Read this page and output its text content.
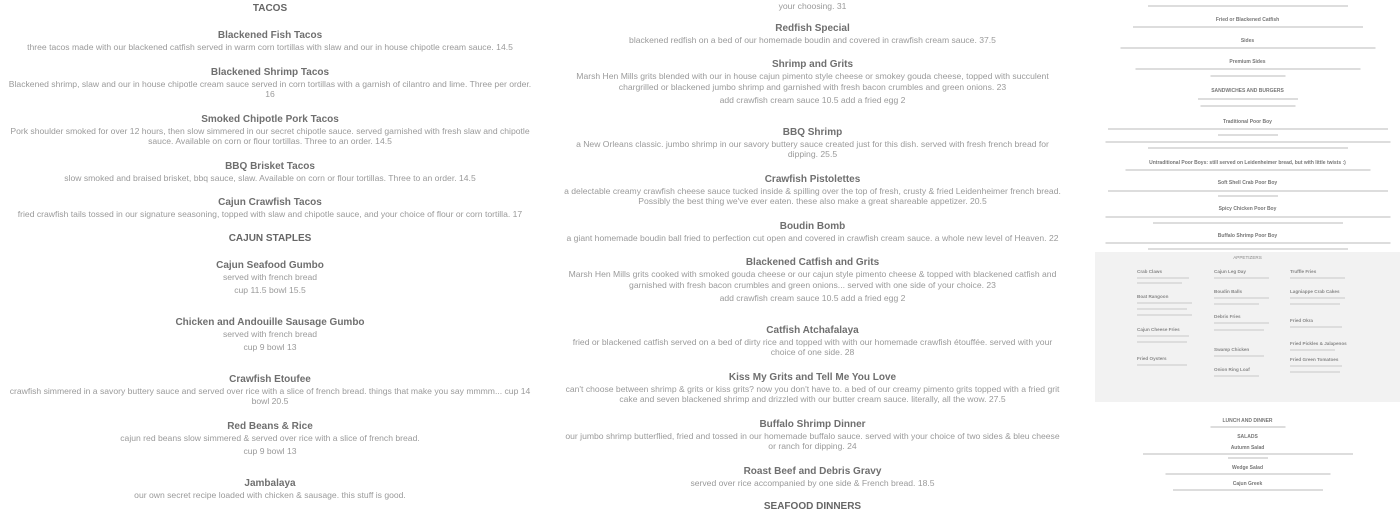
TACOS
Blackened Fish Tacos
three tacos made with our blackened catfish served in warm corn tortillas with slaw and our in house chipotle cream sauce. 14.5
Blackened Shrimp Tacos
Blackened shrimp, slaw and our in house chipotle cream sauce served in corn tortillas with a garnish of cilantro and lime. Three per order. 16
Smoked Chipotle Pork Tacos
Pork shoulder smoked for over 12 hours, then slow simmered in our secret chipotle sauce. served garnished with fresh slaw and chipotle sauce. Available on corn or flour tortillas. Three to an order. 14.5
BBQ Brisket Tacos
slow smoked and braised brisket, bbq sauce, slaw. Available on corn or flour tortillas. Three to an order. 14.5
Cajun Crawfish Tacos
fried crawfish tails tossed in our signature seasoning, topped with slaw and chipotle sauce, and your choice of flour or corn tortilla. 17
CAJUN STAPLES
Cajun Seafood Gumbo
served with french bread
cup 11.5 bowl 15.5
Chicken and Andouille Sausage Gumbo
served with french bread
cup 9 bowl 13
Crawfish Etoufee
crawfish simmered in a savory buttery sauce and served over rice with a slice of french bread. things that make you say mmmm... cup 14 bowl 20.5
Red Beans & Rice
cajun red beans slow simmered & served over rice with a slice of french bread.
cup 9 bowl 13
Jambalaya
our own secret recipe loaded with chicken & sausage. this stuff is good.
your choosing. 31
Redfish Special
blackened redfish on a bed of our homemade boudin and covered in crawfish cream sauce. 37.5
Shrimp and Grits
Marsh Hen Mills grits blended with our in house cajun pimento style cheese or smokey gouda cheese, topped with succulent chargrilled or blackened jumbo shrimp and garnished with fresh bacon crumbles and green onions. 23
add crawfish cream sauce 10.5 add a fried egg 2
BBQ Shrimp
a New Orleans classic. jumbo shrimp in our savory buttery sauce created just for this dish. served with fresh french bread for dipping. 25.5
Crawfish Pistolettes
a delectable creamy crawfish cheese sauce tucked inside & spilling over the top of fresh, crusty & fried Leidenheimer french bread. Possibly the best thing we've ever eaten. these also make a great shareable appetizer. 20.5
Boudin Bomb
a giant homemade boudin ball fried to perfection cut open and covered in crawfish cream sauce. a whole new level of Heaven. 22
Blackened Catfish and Grits
Marsh Hen Mills grits cooked with smoked gouda cheese or our cajun style pimento cheese & topped with blackened catfish and garnished with fresh bacon crumbles and green onions... served with one side of your choice. 23
add crawfish cream sauce 10.5 add a fried egg 2
Catfish Atchafalaya
fried or blackened catfish served on a bed of dirty rice and topped with with our homemade crawfish étouffée. served with your choice of one side. 28
Kiss My Grits and Tell Me You Love
can't choose between shrimp & grits or kiss grits? now you don't have to. a bed of our creamy pimento grits topped with a fried grit cake and seven blackened shrimp and drizzled with our butter cream sauce. literally, all the wow. 27.5
Buffalo Shrimp Dinner
our jumbo shrimp butterflied, fried and tossed in our homemade buffalo sauce. served with your choice of two sides & bleu cheese or ranch for dipping. 24
Roast Beef and Debris Gravy
served over rice accompanied by one side & French bread. 18.5
SEAFOOD DINNERS
Fried or Blackened Catfish
Sides
Premium Sides
SANDWICHES AND BURGERS
Traditional Poor Boy
Untraditional Poor Boys: still served on Leidenheimer bread, but with little twists :)
Soft Shell Crab Poor Boy
Spicy Chicken Poor Boy
Buffalo Shrimp Poor Boy
APPETIZERS
Crab Claws
Boat Rangoon
Cajun Cheese Fries
Fried Oysters
Cajun Leg Day
Boudin Balls
Debris Fries
Swamp Chicken
Onion Ring Loaf
Truffle Fries
Lagniappe Crab Cakes
Fried Okra
Fried Pickles & Jalapenos
Fried Green Tomatoes
LUNCH AND DINNER
SALADS
Autumn Salad
Wedge Salad
Cajun Greek
